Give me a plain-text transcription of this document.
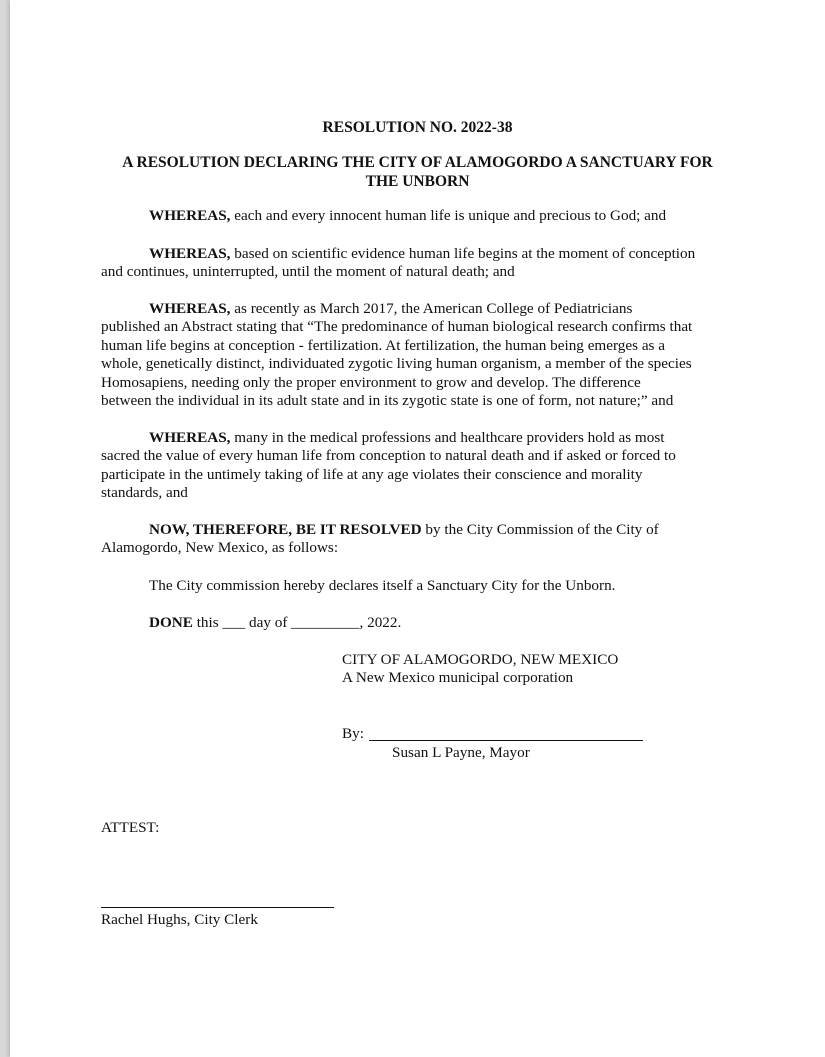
RESOLUTION NO. 2022-38
A RESOLUTION DECLARING THE CITY OF ALAMOGORDO A SANCTUARY FOR
THE UNBORN
WHEREAS, each and every innocent human life is unique and precious to God; and
WHEREAS, based on scientific evidence human life begins at the moment of conception
and continues, uninterrupted, until the moment of natural death; and
WHEREAS, as recently as March 2017, the American College of Pediatricians
published an Abstract stating that “The predominance of human biological research confirms that
human life begins at conception - fertilization. At fertilization, the human being emerges as a
whole, genetically distinct, individuated zygotic living human organism, a member of the species
Homosapiens, needing only the proper environment to grow and develop. The difference
between the individual in its adult state and in its zygotic state is one of form, not nature;” and
WHEREAS, many in the medical professions and healthcare providers hold as most
sacred the value of every human life from conception to natural death and if asked or forced to
participate in the untimely taking of life at any age violates their conscience and morality
standards, and
NOW, THEREFORE, BE IT RESOLVED by the City Commission of the City of
Alamogordo, New Mexico, as follows:
The City commission hereby declares itself a Sanctuary City for the Unborn.
DONE this ___ day of _________, 2022.
CITY OF ALAMOGORDO, NEW MEXICO
A New Mexico municipal corporation
By:
Susan L Payne, Mayor
ATTEST:
Rachel Hughs, City Clerk
